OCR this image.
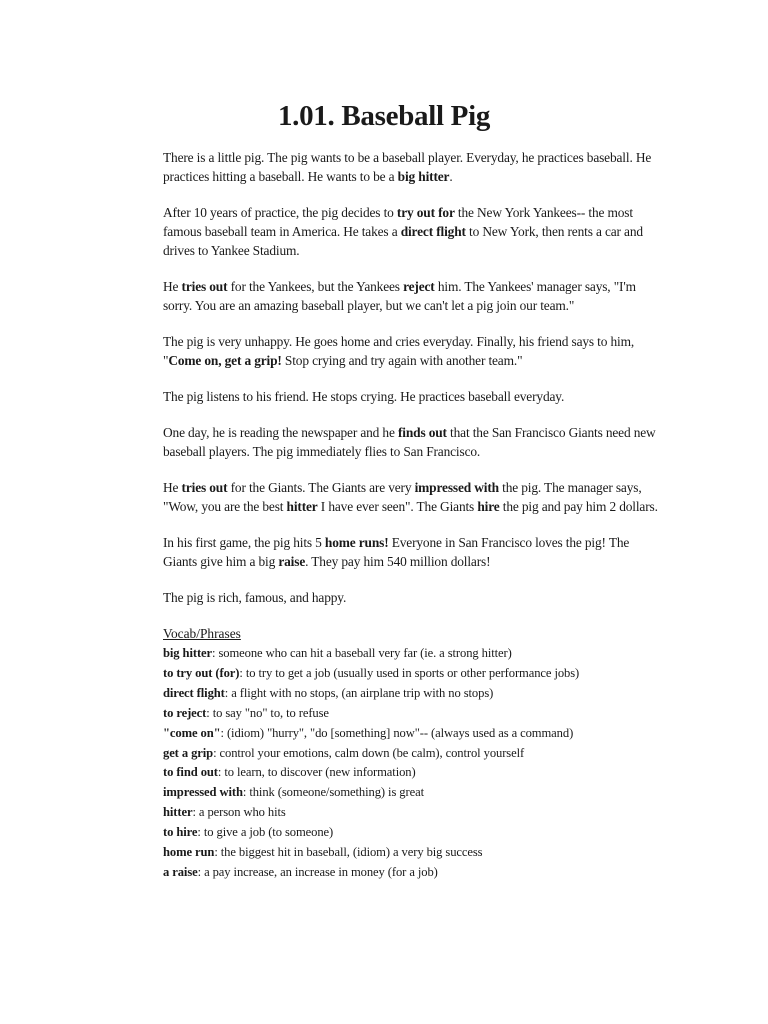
1.01. Baseball Pig

There is a little pig. The pig wants to be a baseball player. Everyday, he practices baseball. He
practices hitting a baseball. He wants to be a big hitter.

After 10 years of practice, the pig decides to try out for the New York Yankees-- the most
famous baseball team in America. He takes a direct flight to New York, then rents a car and
drives to Yankee Stadium.

He tries out for the Yankees, but the Yankees reject him. The Yankees' manager says, "I'm
sorry. You are an amazing baseball player, but we can't let a pig join our team."

The pig is very unhappy. He goes home and cries everyday. Finally, his friend says to him,
"Come on, get a grip! Stop crying and try again with another team."

The pig listens to his friend. He stops crying. He practices baseball everyday.

One day, he is reading the newspaper and he finds out that the San Francisco Giants need new
baseball players. The pig immediately flies to San Francisco.

He tries out for the Giants. The Giants are very impressed with the pig. The manager says,
"Wow, you are the best hitter I have ever seen". The Giants hire the pig and pay him 2 dollars.

In his first game, the pig hits 5 home runs! Everyone in San Francisco loves the pig! The
Giants give him a big raise. They pay him 540 million dollars!

The pig is rich, famous, and happy.

Vocab/Phrases
big hitter: someone who can hit a baseball very far (ie. a strong hitter)
to try out (for): to try to get a job (usually used in sports or other performance jobs)
direct flight: a flight with no stops, (an airplane trip with no stops)
to reject: to say "no" to, to refuse
"come on": (idiom) "hurry", "do [something] now"-- (always used as a command)
get a grip: control your emotions, calm down (be calm), control yourself
to find out: to learn, to discover (new information)
impressed with: think (someone/something) is great
hitter: a person who hits
to hire: to give a job (to someone)
home run: the biggest hit in baseball, (idiom) a very big success
a raise: a pay increase, an increase in money (for a job)
